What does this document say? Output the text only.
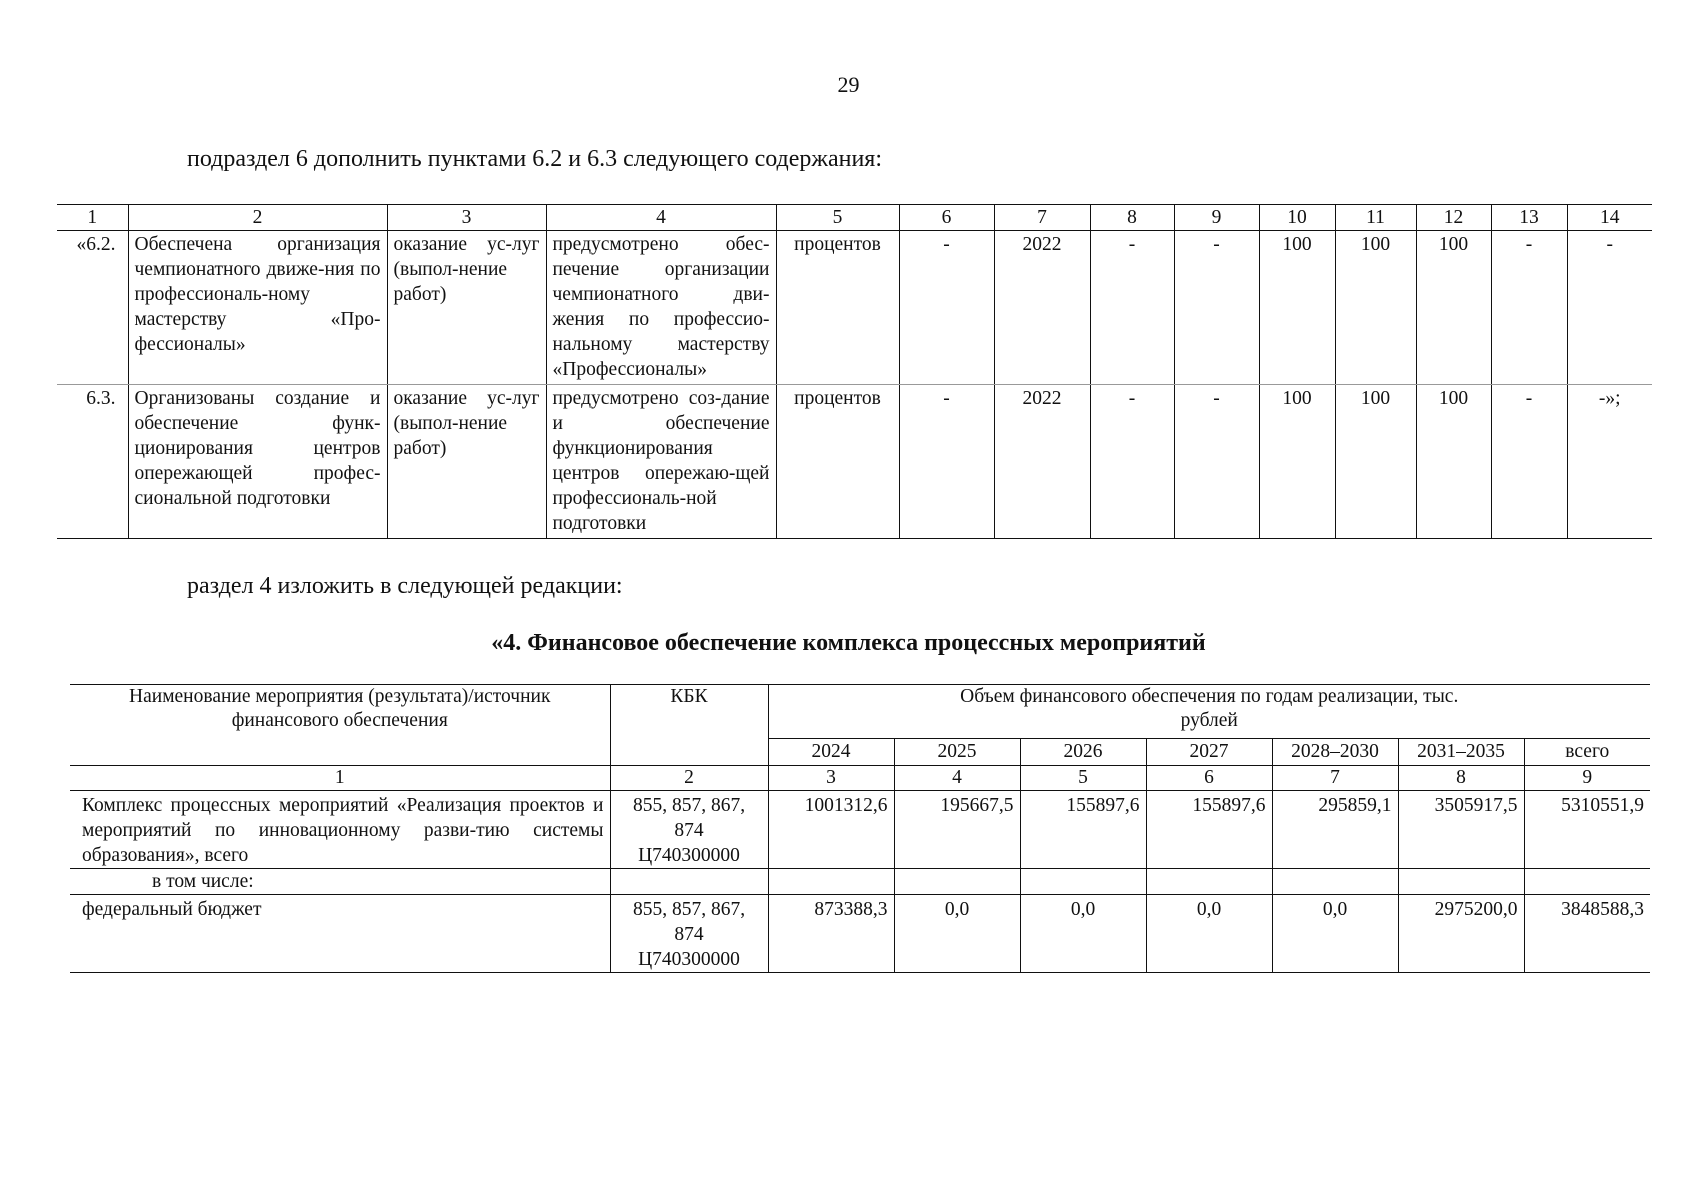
29
подраздел 6 дополнить пунктами 6.2 и 6.3 следующего содержания:
1	2	3	4	5	6	7	8	9	10	11	12	13	14
«6.2.	Обеспечена организация чемпионатного движе-ния по профессиональ-ному мастерству «Про-фессионалы»	оказание ус-луг (выпол-нение работ)	предусмотрено обес-печение организации чемпионатного дви-жения по профессио-нальному мастерству «Профессионалы»	процентов	-	2022	-	-	100	100	100	-	-
6.3.	Организованы создание и обеспечение функ-ционирования центров опережающей профес-сиональной подготовки	оказание ус-луг (выпол-нение работ)	предусмотрено соз-дание и обеспечение функционирования центров опережаю-щей профессиональ-ной подготовки	процентов	-	2022	-	-	100	100	100	-	-»;
раздел 4 изложить в следующей редакции:
«4. Финансовое обеспечение комплекса процессных мероприятий
Наименование мероприятия (результата)/источник финансового обеспечения	КБК	Объем финансового обеспечения по годам реализации, тыс. рублей						
		2024	2025	2026	2027	2028–2030	2031–2035	всего
1	2	3	4	5	6	7	8	9
Комплекс процессных мероприятий «Реализация проектов и мероприятий по инновационному разви-тию системы образования», всего	855, 857, 867, 874 Ц740300000	1001312,6	195667,5	155897,6	155897,6	295859,1	3505917,5	5310551,9
в том числе:								
федеральный бюджет	855, 857, 867, 874 Ц740300000	873388,3	0,0	0,0	0,0	0,0	2975200,0	3848588,3
